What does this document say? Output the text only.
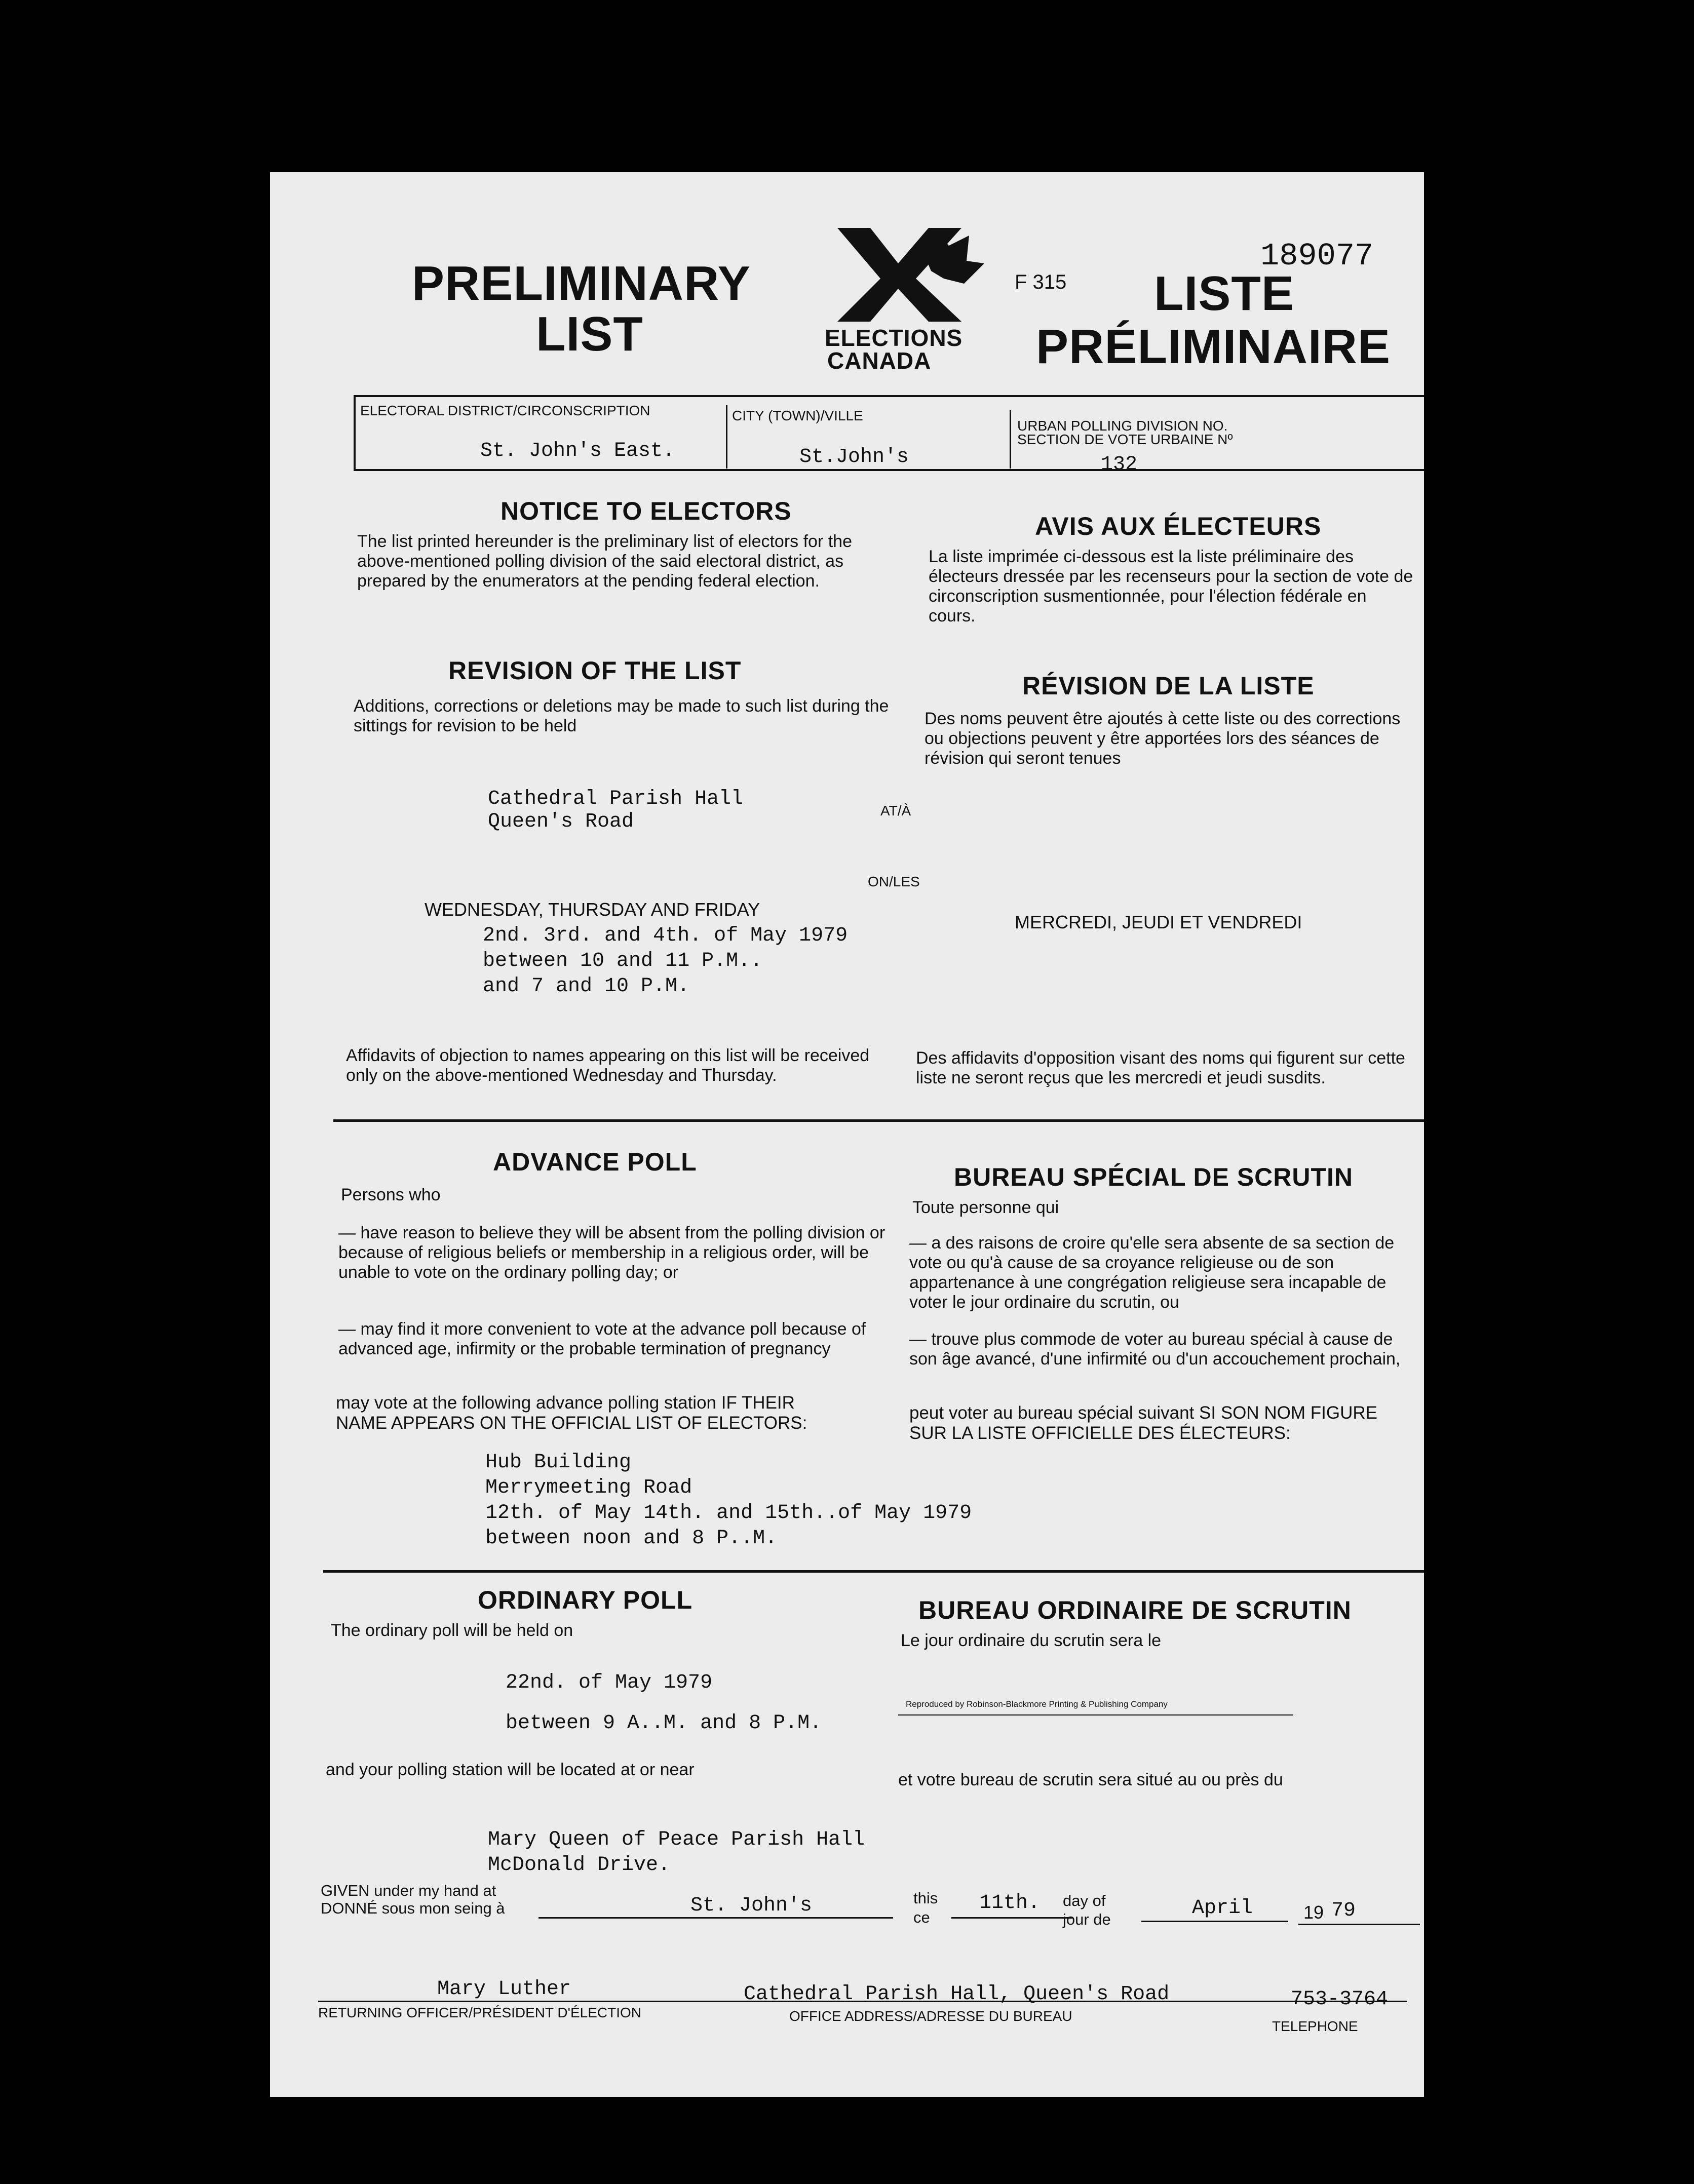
PRELIMINARY
LIST	ELECTIONS
CANADA
F 315
189077
LISTE
PRÉLIMINAIRE
ELECTORAL DISTRICT/CIRCONSCRIPTION
St. John's East.
CITY (TOWN)/VILLE
St.John's
URBAN POLLING DIVISION NO.
SECTION DE VOTE URBAINE Nº
132
NOTICE TO ELECTORS
The list printed hereunder is the preliminary list of electors for the above-mentioned polling division of the said electoral district, as prepared by the enumerators at the pending federal election.
AVIS AUX ÉLECTEURS
La liste imprimée ci-dessous est la liste préliminaire des électeurs dressée par les recenseurs pour la section de vote de circonscription susmentionnée, pour l'élection fédérale en cours.
REVISION OF THE LIST
Additions, corrections or deletions may be made to such list during the sittings for revision to be held
RÉVISION DE LA LISTE
Des noms peuvent être ajoutés à cette liste ou des corrections ou objections peuvent y être apportées lors des séances de révision qui seront tenues
Cathedral Parish Hall
Queen's Road	AT/À
ON/LES
WEDNESDAY, THURSDAY AND FRIDAY
MERCREDI, JEUDI ET VENDREDI
2nd. 3rd. and 4th. of May 1979
between 10 and 11 P.M..
and 7 and 10 P.M.
Affidavits of objection to names appearing on this list will be received only on the above-mentioned Wednesday and Thursday.
Des affidavits d'opposition visant des noms qui figurent sur cette liste ne seront reçus que les mercredi et jeudi susdits.
ADVANCE POLL
BUREAU SPÉCIAL DE SCRUTIN
Persons who
Toute personne qui
— have reason to believe they will be absent from the polling division or because of religious beliefs or membership in a religious order, will be unable to vote on the ordinary polling day; or
— may find it more convenient to vote at the advance poll because of advanced age, infirmity or the probable termination of pregnancy
— a des raisons de croire qu'elle sera absente de sa section de vote ou qu'à cause de sa croyance religieuse ou de son appartenance à une congrégation religieuse sera incapable de voter le jour ordinaire du scrutin, ou
— trouve plus commode de voter au bureau spécial à cause de son âge avancé, d'une infirmité ou d'un accouchement prochain,
may vote at the following advance polling station IF THEIR
NAME APPEARS ON THE OFFICIAL LIST OF ELECTORS:
peut voter au bureau spécial suivant SI SON NOM FIGURE
SUR LA LISTE OFFICIELLE DES ÉLECTEURS:
Hub Building
Merrymeeting Road
12th. of May 14th. and 15th..of May 1979
between noon and 8 P..M.
ORDINARY POLL	BUREAU ORDINAIRE DE SCRUTIN
The ordinary poll will be held on
Le jour ordinaire du scrutin sera le
22nd. of May 1979
between 9 A..M. and 8 P.M.
Reproduced by Robinson-Blackmore Printing & Publishing Company
and your polling station will be located at or near
et votre bureau de scrutin sera situé au ou près du
Mary Queen of Peace Parish Hall
McDonald Drive.
GIVEN under my hand at
DONNÉ sous mon seing à	St. John's	this
ce
11th. day of
jour de	April	19 79
Mary Luther
RETURNING OFFICER/PRÉSIDENT D'ÉLECTION
Cathedral Parish Hall, Queen's Road
OFFICE ADDRESS/ADRESSE DU BUREAU
753-3764
TELEPHONE
